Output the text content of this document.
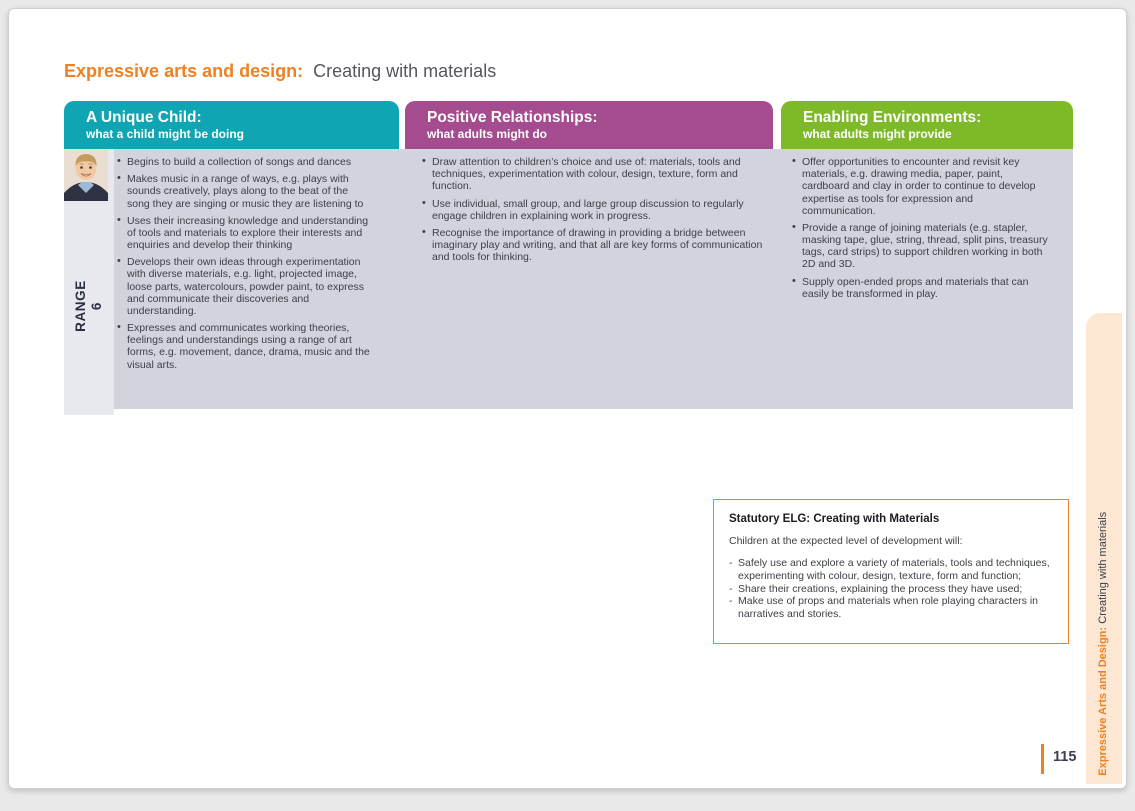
Expressive arts and design: Creating with materials
A Unique Child:
what a child might be doing
Positive Relationships:
what adults might do
Enabling Environments:
what adults might provide
RANGE 6
• Begins to build a collection of songs and dances
• Makes music in a range of ways, e.g. plays with sounds creatively, plays along to the beat of the song they are singing or music they are listening to
• Uses their increasing knowledge and understanding of tools and materials to explore their interests and enquiries and develop their thinking
• Develops their own ideas through experimentation with diverse materials, e.g. light, projected image, loose parts, watercolours, powder paint, to express and communicate their discoveries and understanding.
• Expresses and communicates working theories, feelings and understandings using a range of art forms, e.g. movement, dance, drama, music and the visual arts.
• Draw attention to children’s choice and use of: materials, tools and techniques, experimentation with colour, design, texture, form and function.
• Use individual, small group, and large group discussion to regularly engage children in explaining work in progress.
• Recognise the importance of drawing in providing a bridge between imaginary play and writing, and that all are key forms of communication and tools for thinking.
• Offer opportunities to encounter and revisit key materials, e.g. drawing media, paper, paint, cardboard and clay in order to continue to develop expertise as tools for expression and communication.
• Provide a range of joining materials (e.g. stapler, masking tape, glue, string, thread, split pins, treasury tags, card strips) to support children working in both 2D and 3D.
• Supply open-ended props and materials that can easily be transformed in play.
Statutory ELG: Creating with Materials
Children at the expected level of development will:
- Safely use and explore a variety of materials, tools and techniques, experimenting with colour, design, texture, form and function;
- Share their creations, explaining the process they have used;
- Make use of props and materials when role playing characters in narratives and stories.
Expressive Arts and Design: Creating with materials
115
